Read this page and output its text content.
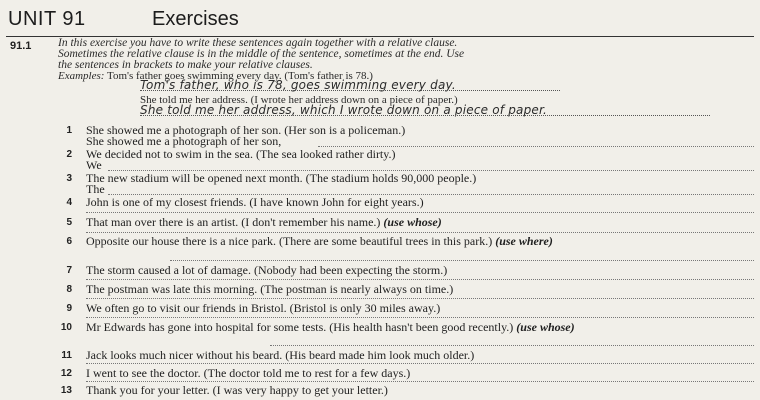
UNIT 91	Exercises
91.1 In this exercise you have to write these sentences again together with a relative clause.
Sometimes the relative clause is in the middle of the sentence, sometimes at the end. Use
the sentences in brackets to make your relative clauses.
Examples: Tom's father goes swimming every day. (Tom's father is 78.)
Tom's father, who is 78, goes swimming every day.
She told me her address. (I wrote her address down on a piece of paper.)
She told me her address, which I wrote down on a piece of paper.
1 She showed me a photograph of her son. (Her son is a policeman.)
She showed me a photograph of her son,
2 We decided not to swim in the sea. (The sea looked rather dirty.)
We
3 The new stadium will be opened next month. (The stadium holds 90,000 people.)
The
4 John is one of my closest friends. (I have known John for eight years.)
5 That man over there is an artist. (I don't remember his name.) (use whose)
6 Opposite our house there is a nice park. (There are some beautiful trees in this park.) (use where)
7 The storm caused a lot of damage. (Nobody had been expecting the storm.)
8 The postman was late this morning. (The postman is nearly always on time.)
9 We often go to visit our friends in Bristol. (Bristol is only 30 miles away.)
10 Mr Edwards has gone into hospital for some tests. (His health hasn't been good recently.) (use whose)
11 Jack looks much nicer without his beard. (His beard made him look much older.)
12 I went to see the doctor. (The doctor told me to rest for a few days.)
13 Thank you for your letter. (I was very happy to get your letter.)
